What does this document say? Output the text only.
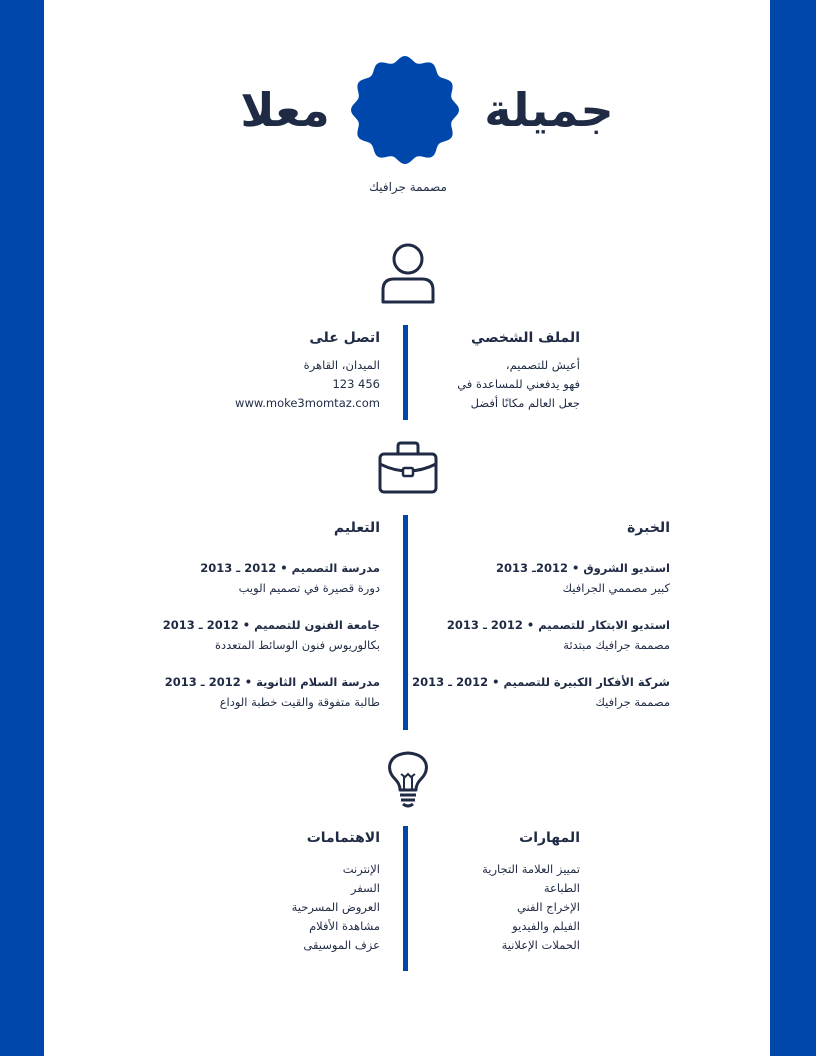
جميلة
معلا
مصممة جرافيك
الملف الشخصي
أعيش للتصميم،
فهو يدفعني للمساعدة في
جعل العالم مكانًا أفضل
اتصل على
الميدان، القاهرة
123 456
www.moke3momtaz.com
الخبرة
استديو الشروق • 2012ـ 2013
كبير مصممي الجرافيك
استديو الابتكار للتصميم • 2012 ـ 2013
مصممة جرافيك مبتدئة
شركة الأفكار الكبيرة للتصميم • 2012 ـ 2013
مصممة جرافيك
التعليم
مدرسة التصميم • 2012 ـ 2013
دورة قصيرة في تصميم الويب
جامعة الفنون للتصميم • 2012 ـ 2013
بكالوريوس فنون الوسائط المتعددة
مدرسة السلام الثانوية • 2012 ـ 2013
طالبة متفوقة والقيت خطبة الوداع
المهارات
تمييز العلامة التجارية
الطباعة
الإخراج الفني
الفيلم والفيديو
الحملات الإعلانية
الاهتمامات
الإنترنت
السفر
العروض المسرحية
مشاهدة الأفلام
عزف الموسيقى
